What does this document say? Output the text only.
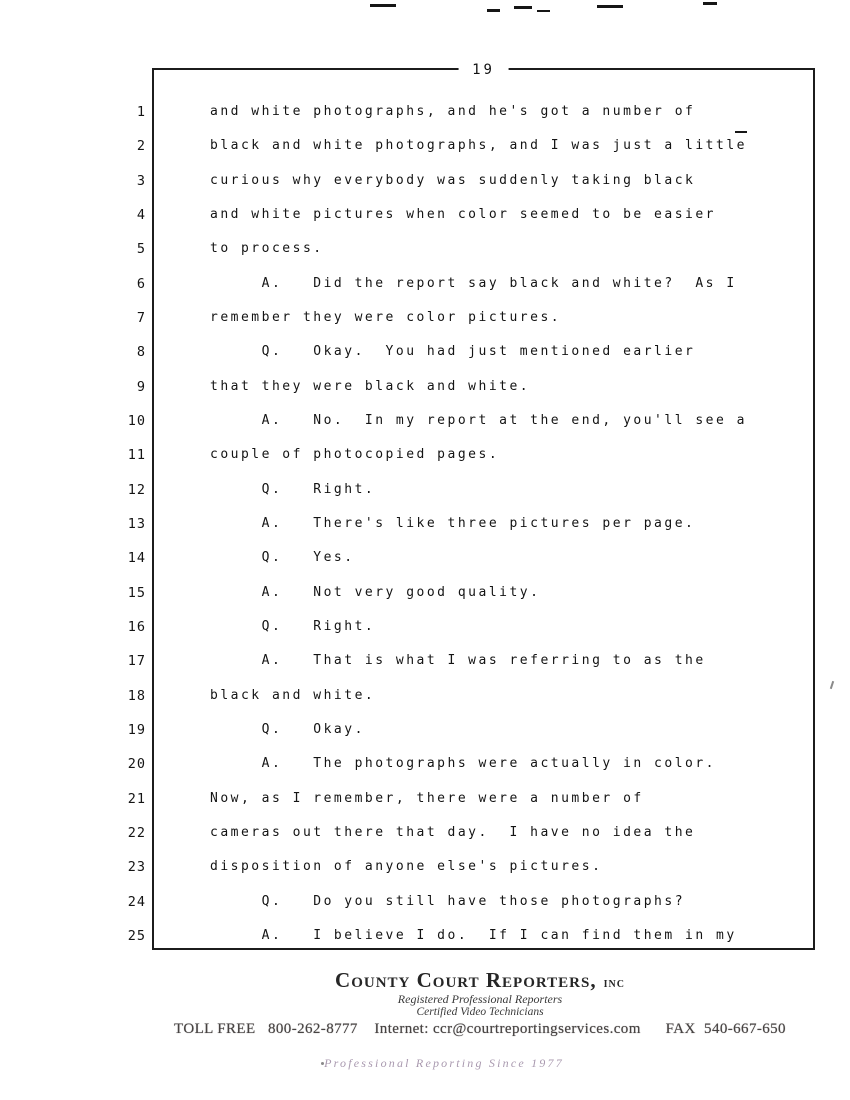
19
1	and white photographs, and he's got a number of
2	black and white photographs, and I was just a little
3	curious why everybody was suddenly taking black
4	and white pictures when color seemed to be easier
5	to process.
6	A.   Did the report say black and white?  As I
7	remember they were color pictures.
8	Q.   Okay.  You had just mentioned earlier
9	that they were black and white.
10	A.   No.  In my report at the end, you'll see a
11	couple of photocopied pages.
12	Q.   Right.
13	A.   There's like three pictures per page.
14	Q.   Yes.
15	A.   Not very good quality.
16	Q.   Right.
17	A.   That is what I was referring to as the
18	black and white.
19	Q.   Okay.
20	A.   The photographs were actually in color.
21	Now, as I remember, there were a number of
22	cameras out there that day.  I have no idea the
23	disposition of anyone else's pictures.
24	Q.   Do you still have those photographs?
25	A.   I believe I do.  If I can find them in my
County Court Reporters, inc
Registered Professional Reporters
Certified Video Technicians
TOLL FREE   800-262-8777    Internet: ccr@courtreportingservices.com      FAX  540-667-650
Professional Reporting Since 1977
